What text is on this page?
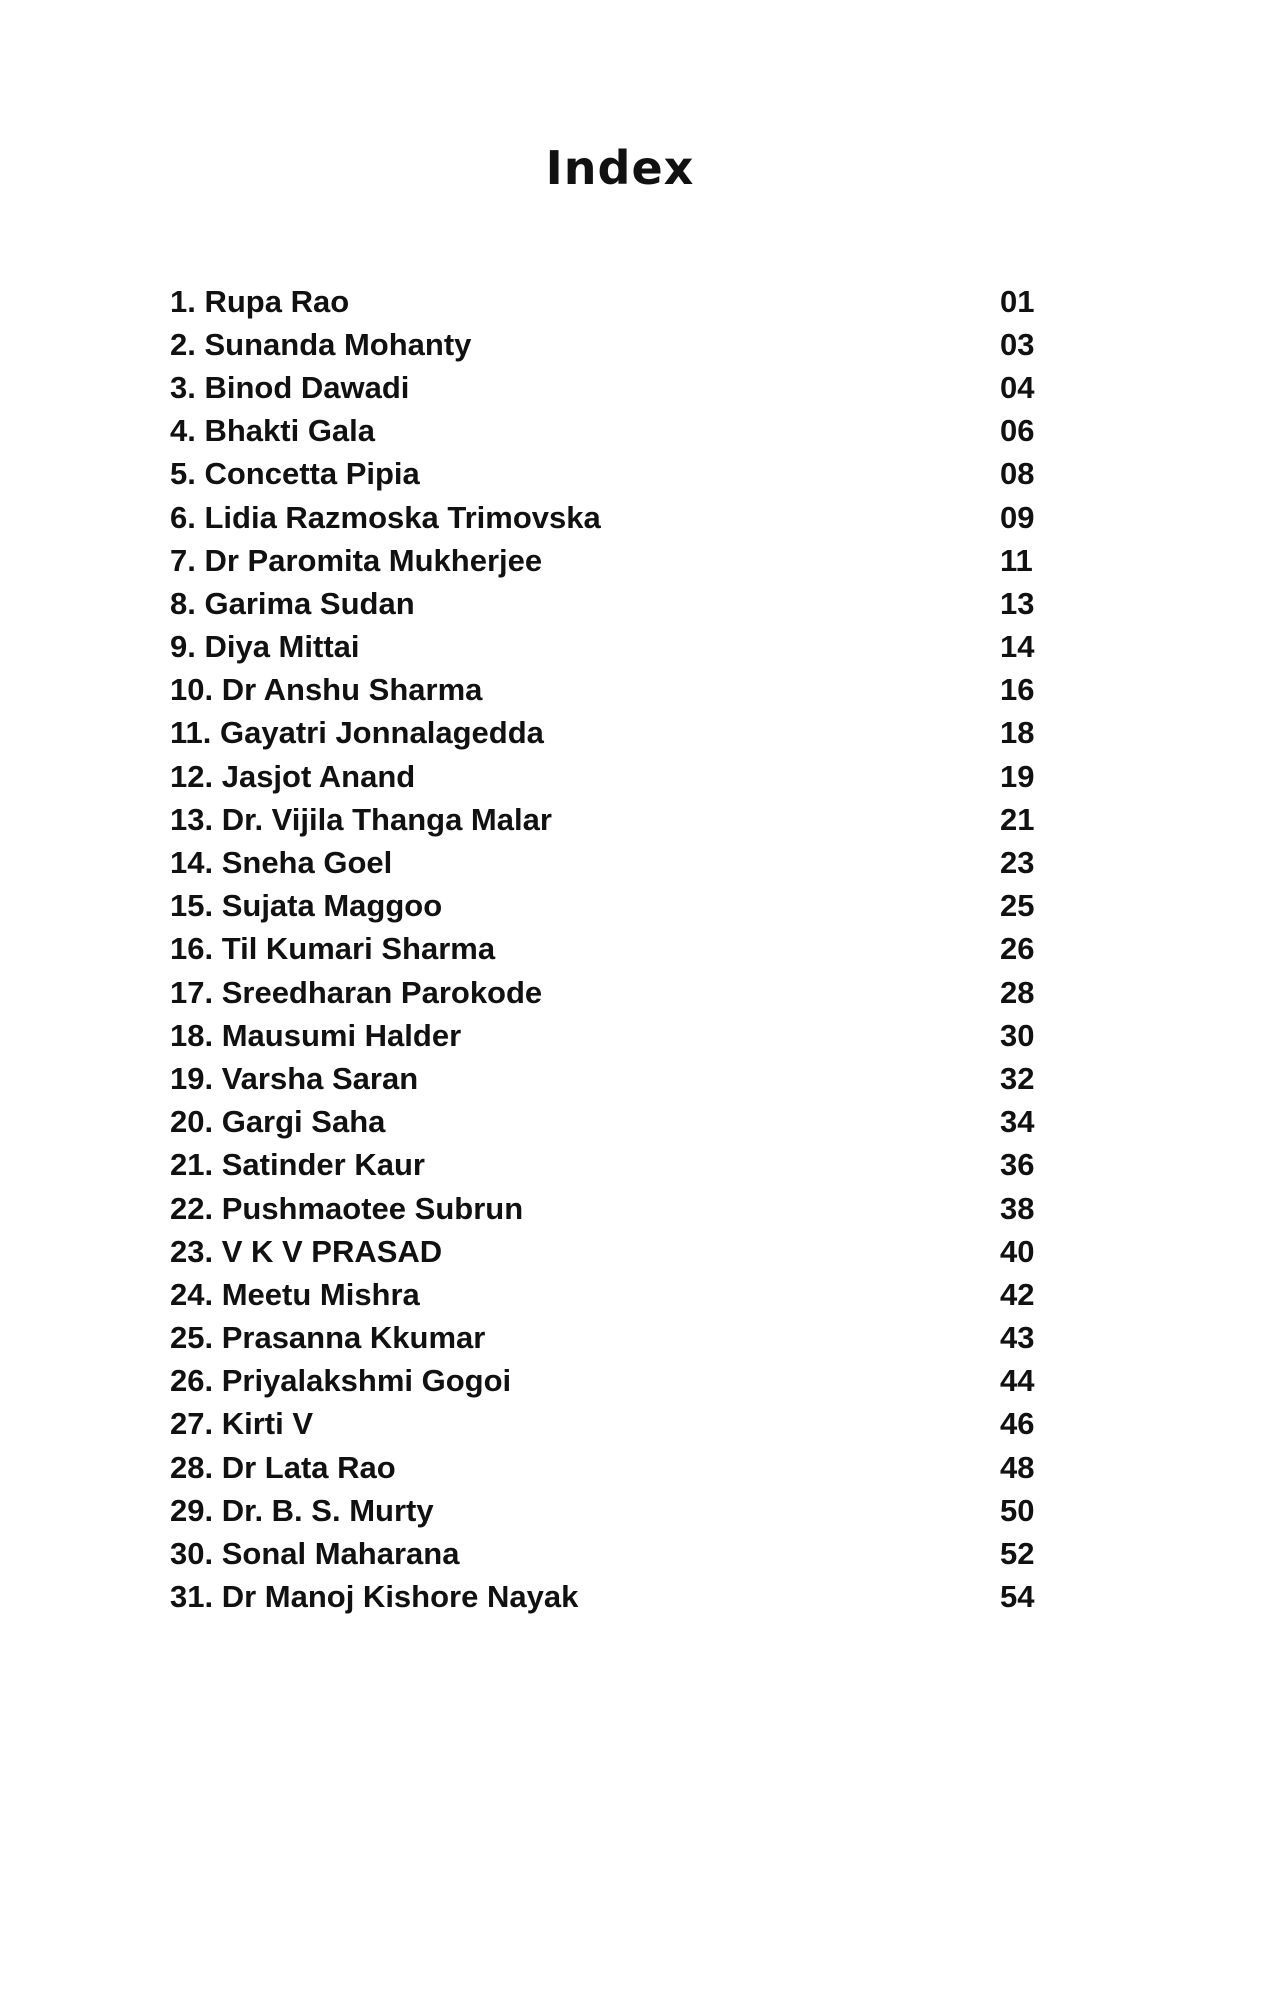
Index
1. Rupa Rao	01
2. Sunanda Mohanty	03
3. Binod Dawadi	04
4. Bhakti Gala	06
5. Concetta Pipia	08
6. Lidia Razmoska Trimovska	09
7. Dr Paromita Mukherjee	11
8. Garima Sudan	13
9. Diya Mittai	14
10. Dr Anshu Sharma	16
11. Gayatri Jonnalagedda	18
12. Jasjot Anand	19
13. Dr. Vijila Thanga Malar	21
14. Sneha Goel	23
15. Sujata Maggoo	25
16. Til Kumari Sharma	26
17. Sreedharan Parokode	28
18. Mausumi Halder	30
19. Varsha Saran	32
20. Gargi Saha	34
21. Satinder Kaur	36
22. Pushmaotee Subrun	38
23. V K V PRASAD	40
24. Meetu Mishra	42
25. Prasanna Kkumar	43
26. Priyalakshmi Gogoi	44
27. Kirti V	46
28. Dr Lata Rao	48
29. Dr. B. S. Murty	50
30. Sonal Maharana	52
31. Dr Manoj Kishore Nayak	54
